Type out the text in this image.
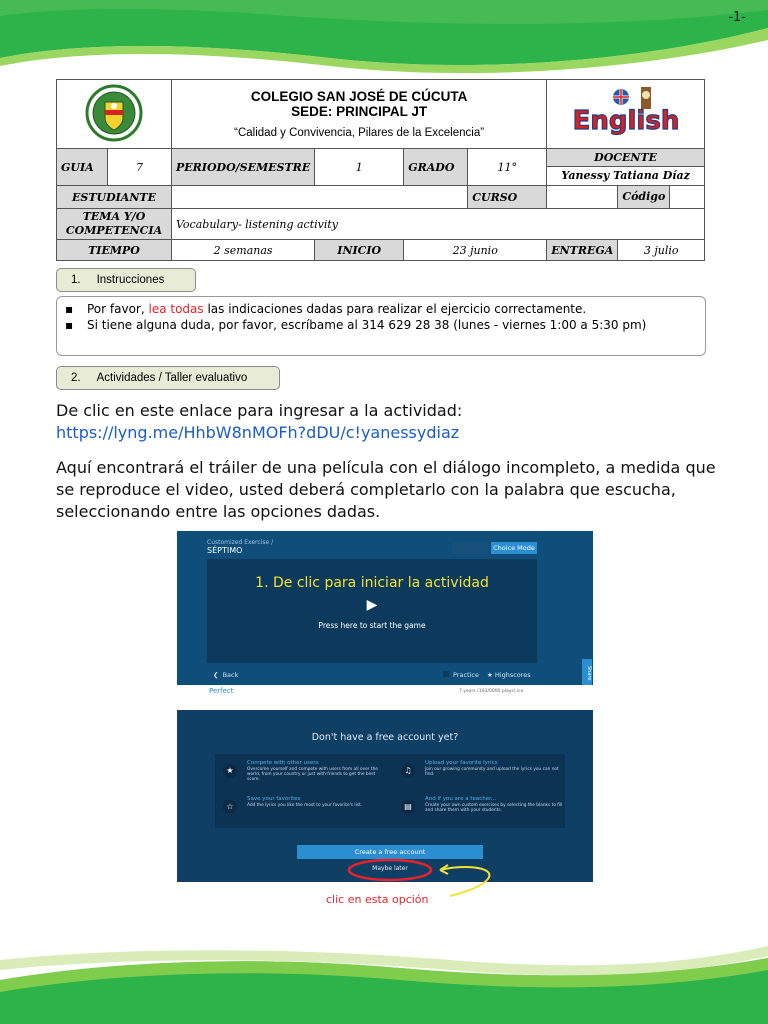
-1-

COLEGIO SAN JOSÉ DE CÚCUTA
SEDE: PRINCIPAL JT
“Calidad y Convivencia, Pilares de la Excelencia”				English	

GUIA	7	PERIODO/SEMESTRE	1	GRADO	11°	DOCENTE
Yanessy Tatiana Díaz	

ESTUDIANTE					CURSO		Código

TEMA Y/O
COMPETENCIA		Vocabulary- listening activity					
TIEMPO		2 semanas	INICIO	23 junio		ENTREGA	3 julio
1. Instrucciones
▪ Por favor, lea todas las indicaciones dadas para realizar el ejercicio correctamente.
▪ Si tiene alguna duda, por favor, escríbame al 314 629 28 38 (lunes - viernes 1:00 a 5:30 pm)
2. Actividades / Taller evaluativo
De clic en este enlace para ingresar a la actividad:
https://lyng.me/HhbW8nMOFh?dDU/c!yanessydiaz
Aquí encontrará el tráiler de una película con el diálogo incompleto, a medida que se reproduce el video, usted deberá completarlo con la palabra que escucha, seleccionando entre las opciones dadas.
Customized Exercise /
SÉPTIMO	Choice Mode
1. De clic para iniciar la actividad
▶
Press here to start the game
❮  Back	Practice ★ Highscores	Share
Perfect	7 years (193/0000 plays) ico
Don't have a free account yet?
★
Compete with other users
Overcome yourself and compete with users from all over the world, from your country or just with friends to get the best score.
♫
Upload your favorite lyrics
Join our growing community and upload the lyrics you can not find.
☆
Save your favorites
Add the lyrics you like the most to your favorite's list.	▤
And if you are a teacher...
Create your own custom exercises by selecting the blanks to fill and share them with your students.
Create a free account
Maybe later
clic en esta opción
